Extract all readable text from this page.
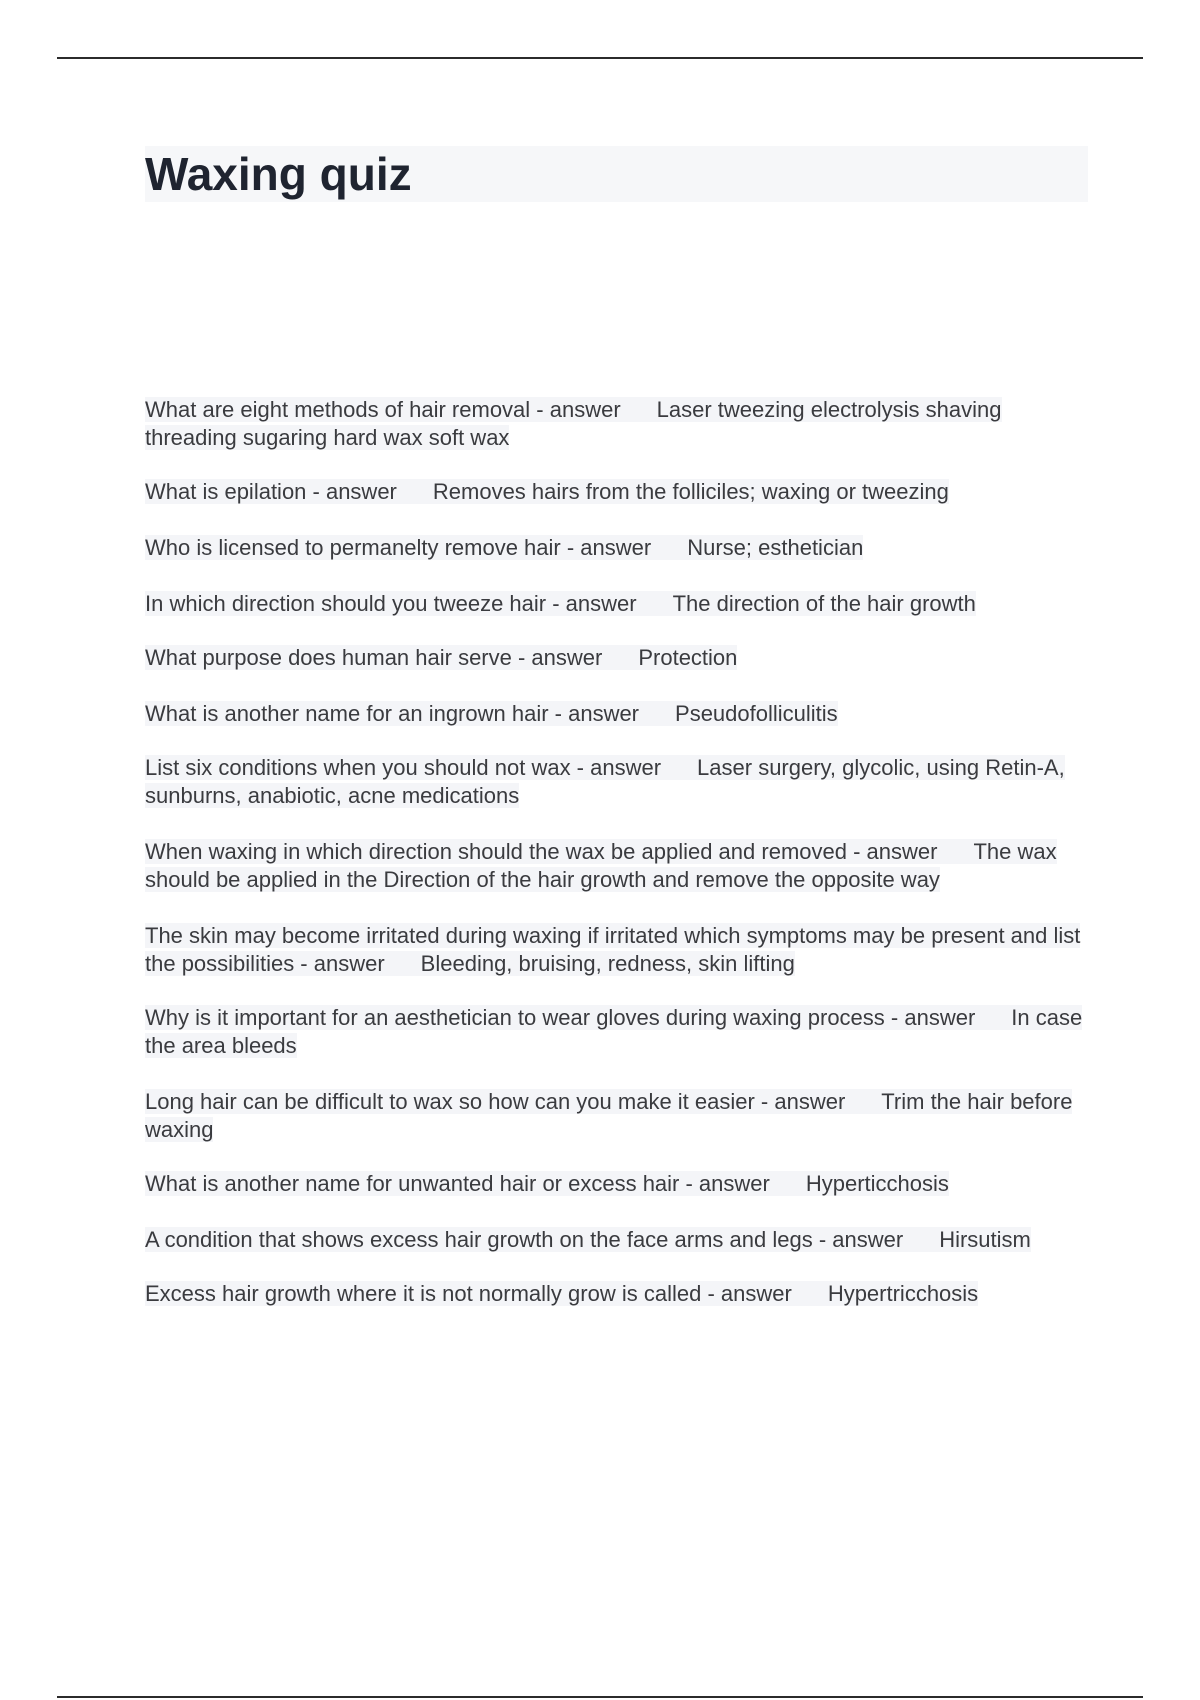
Waxing quiz

What are eight methods of hair removal - answer Laser tweezing electrolysis shaving threading sugaring hard wax soft wax

What is epilation - answer Removes hairs from the folliciles; waxing or tweezing

Who is licensed to permanelty remove hair - answer Nurse; esthetician

In which direction should you tweeze hair - answer The direction of the hair growth

What purpose does human hair serve - answer Protection

What is another name for an ingrown hair - answer Pseudofolliculitis

List six conditions when you should not wax - answer Laser surgery, glycolic, using Retin-A, sunburns, anabiotic, acne medications

When waxing in which direction should the wax be applied and removed - answer The wax should be applied in the Direction of the hair growth and remove the opposite way

The skin may become irritated during waxing if irritated which symptoms may be present and list the possibilities - answer Bleeding, bruising, redness, skin lifting

Why is it important for an aesthetician to wear gloves during waxing process - answer In case the area bleeds

Long hair can be difficult to wax so how can you make it easier - answer Trim the hair before waxing

What is another name for unwanted hair or excess hair - answer Hyperticchosis

A condition that shows excess hair growth on the face arms and legs - answer Hirsutism

Excess hair growth where it is not normally grow is called - answer Hypertricchosis
